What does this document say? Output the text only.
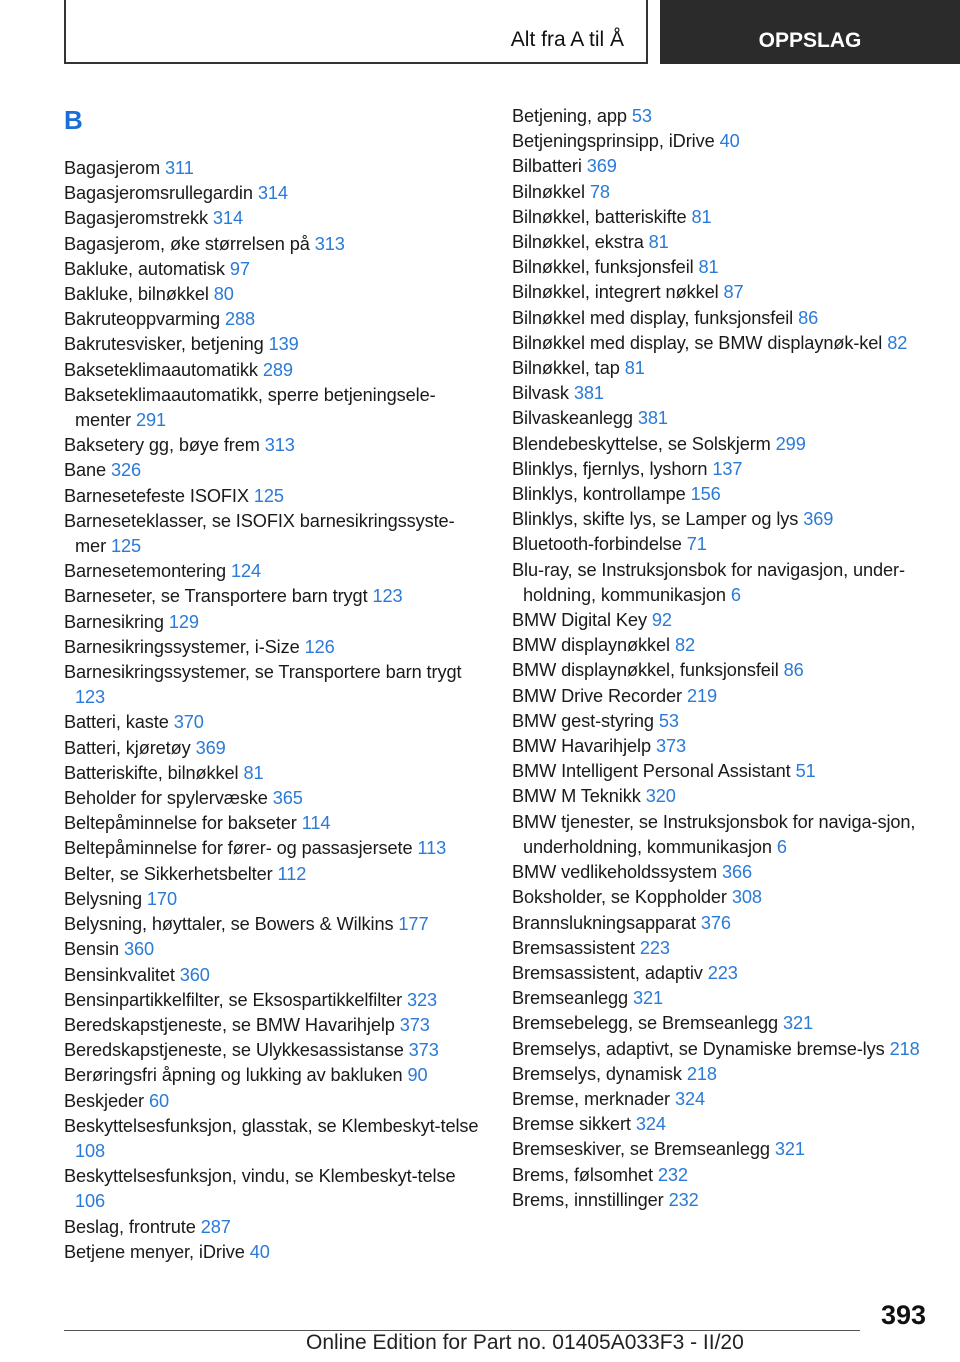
Alt fra A til Å	OPPSLAG
B
Bagasjerom 311
Bagasjeromsrullegardin 314
Bagasjeromstrekk 314
Bagasjerom, øke størrelsen på 313
Bakluke, automatisk 97
Bakluke, bilnøkkel 80
Bakruteoppvarming 288
Bakrutesvisker, betjening 139
Bakseteklimaautomatikk 289
Bakseteklimaautomatikk, sperre betjeningsele-menter 291
Baksetery gg, bøye frem 313
Bane 326
Barnesetefeste ISOFIX 125
Barneseteklasser, se ISOFIX barnesikringssyste-mer 125
Barnesetemontering 124
Barneseter, se Transportere barn trygt 123
Barnesikring 129
Barnesikringssystemer, i-Size 126
Barnesikringssystemer, se Transportere barn trygt 123
Batteri, kaste 370
Batteri, kjøretøy 369
Batteriskifte, bilnøkkel 81
Beholder for spylervæske 365
Beltepåminnelse for bakseter 114
Beltepåminnelse for fører- og passasjersete 113
Belter, se Sikkerhetsbelter 112
Belysning 170
Belysning, høyttaler, se Bowers & Wilkins 177
Bensin 360
Bensinkvalitet 360
Bensinpartikkelfilter, se Eksospartikkelfilter 323
Beredskapstjeneste, se BMW Havarihjelp 373
Beredskapstjeneste, se Ulykkesassistanse 373
Berøringsfri åpning og lukking av bakluken 90
Beskjeder 60
Beskyttelsesfunksjon, glasstak, se Klembeskyt-telse 108
Beskyttelsesfunksjon, vindu, se Klembeskyt-telse 106
Beslag, frontrute 287
Betjene menyer, iDrive 40
Betjening, app 53
Betjeningsprinsipp, iDrive 40
Bilbatteri 369
Bilnøkkel 78
Bilnøkkel, batteriskifte 81
Bilnøkkel, ekstra 81
Bilnøkkel, funksjonsfeil 81
Bilnøkkel, integrert nøkkel 87
Bilnøkkel med display, funksjonsfeil 86
Bilnøkkel med display, se BMW displaynøk-kel 82
Bilnøkkel, tap 81
Bilvask 381
Bilvaskeanlegg 381
Blendebeskyttelse, se Solskjerm 299
Blinklys, fjernlys, lyshorn 137
Blinklys, kontrollampe 156
Blinklys, skifte lys, se Lamper og lys 369
Bluetooth-forbindelse 71
Blu-ray, se Instruksjonsbok for navigasjon, under-holdning, kommunikasjon 6
BMW Digital Key 92
BMW displaynøkkel 82
BMW displaynøkkel, funksjonsfeil 86
BMW Drive Recorder 219
BMW gest-styring 53
BMW Havarihjelp 373
BMW Intelligent Personal Assistant 51
BMW M Teknikk 320
BMW tjenester, se Instruksjonsbok for naviga-sjon, underholdning, kommunikasjon 6
BMW vedlikeholdssystem 366
Boksholder, se Koppholder 308
Brannslukningsapparat 376
Bremsassistent 223
Bremsassistent, adaptiv 223
Bremseanlegg 321
Bremsebelegg, se Bremseanlegg 321
Bremselys, adaptivt, se Dynamiske bremse-lys 218
Bremselys, dynamisk 218
Bremse, merknader 324
Bremse sikkert 324
Bremseskiver, se Bremseanlegg 321
Brems, følsomhet 232
Brems, innstillinger 232
393
Online Edition for Part no. 01405A033F3 - II/20
